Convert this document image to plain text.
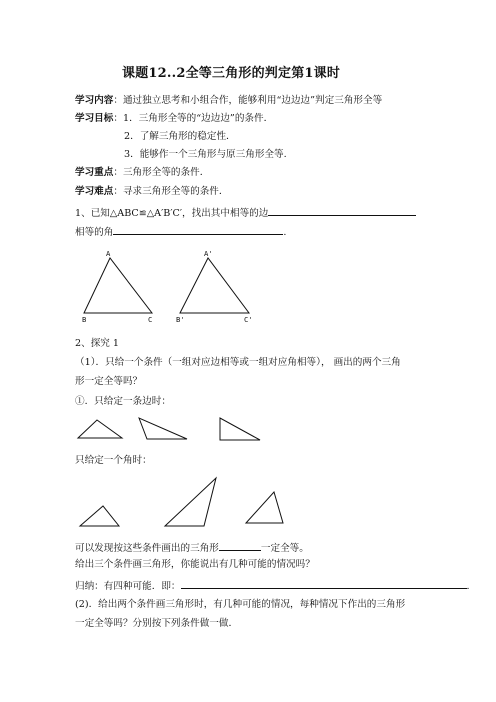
课题12..2全等三角形的判定第1课时
学习内容：通过独立思考和小组合作，能够利用“边边边”判定三角形全等
学习目标：1．三角形全等的“边边边”的条件．
2．了解三角形的稳定性．
3．能够作一个三角形与原三角形全等.
学习重点：三角形全等的条件．
学习难点：寻求三角形全等的条件．
1、已知△ABC≌△A′B′C′，找出其中相等的边
相等的角	.
A
B	C
A'
B'	C'
2、探究 1
（1）．只给一个条件（一组对应边相等或一组对应角相等）， 画出的两个三角
形一定全等吗？
①．只给定一条边时：
只给定一个角时：
可以发现按这些条件画出的三角形	一定全等。
给出三个条件画三角形，你能说出有几种可能的情况吗？
归纳：有四种可能．即：	.
(2)．给出两个条件画三角形时，有几种可能的情况，每种情况下作出的三角形
一定全等吗？分别按下列条件做一做．
